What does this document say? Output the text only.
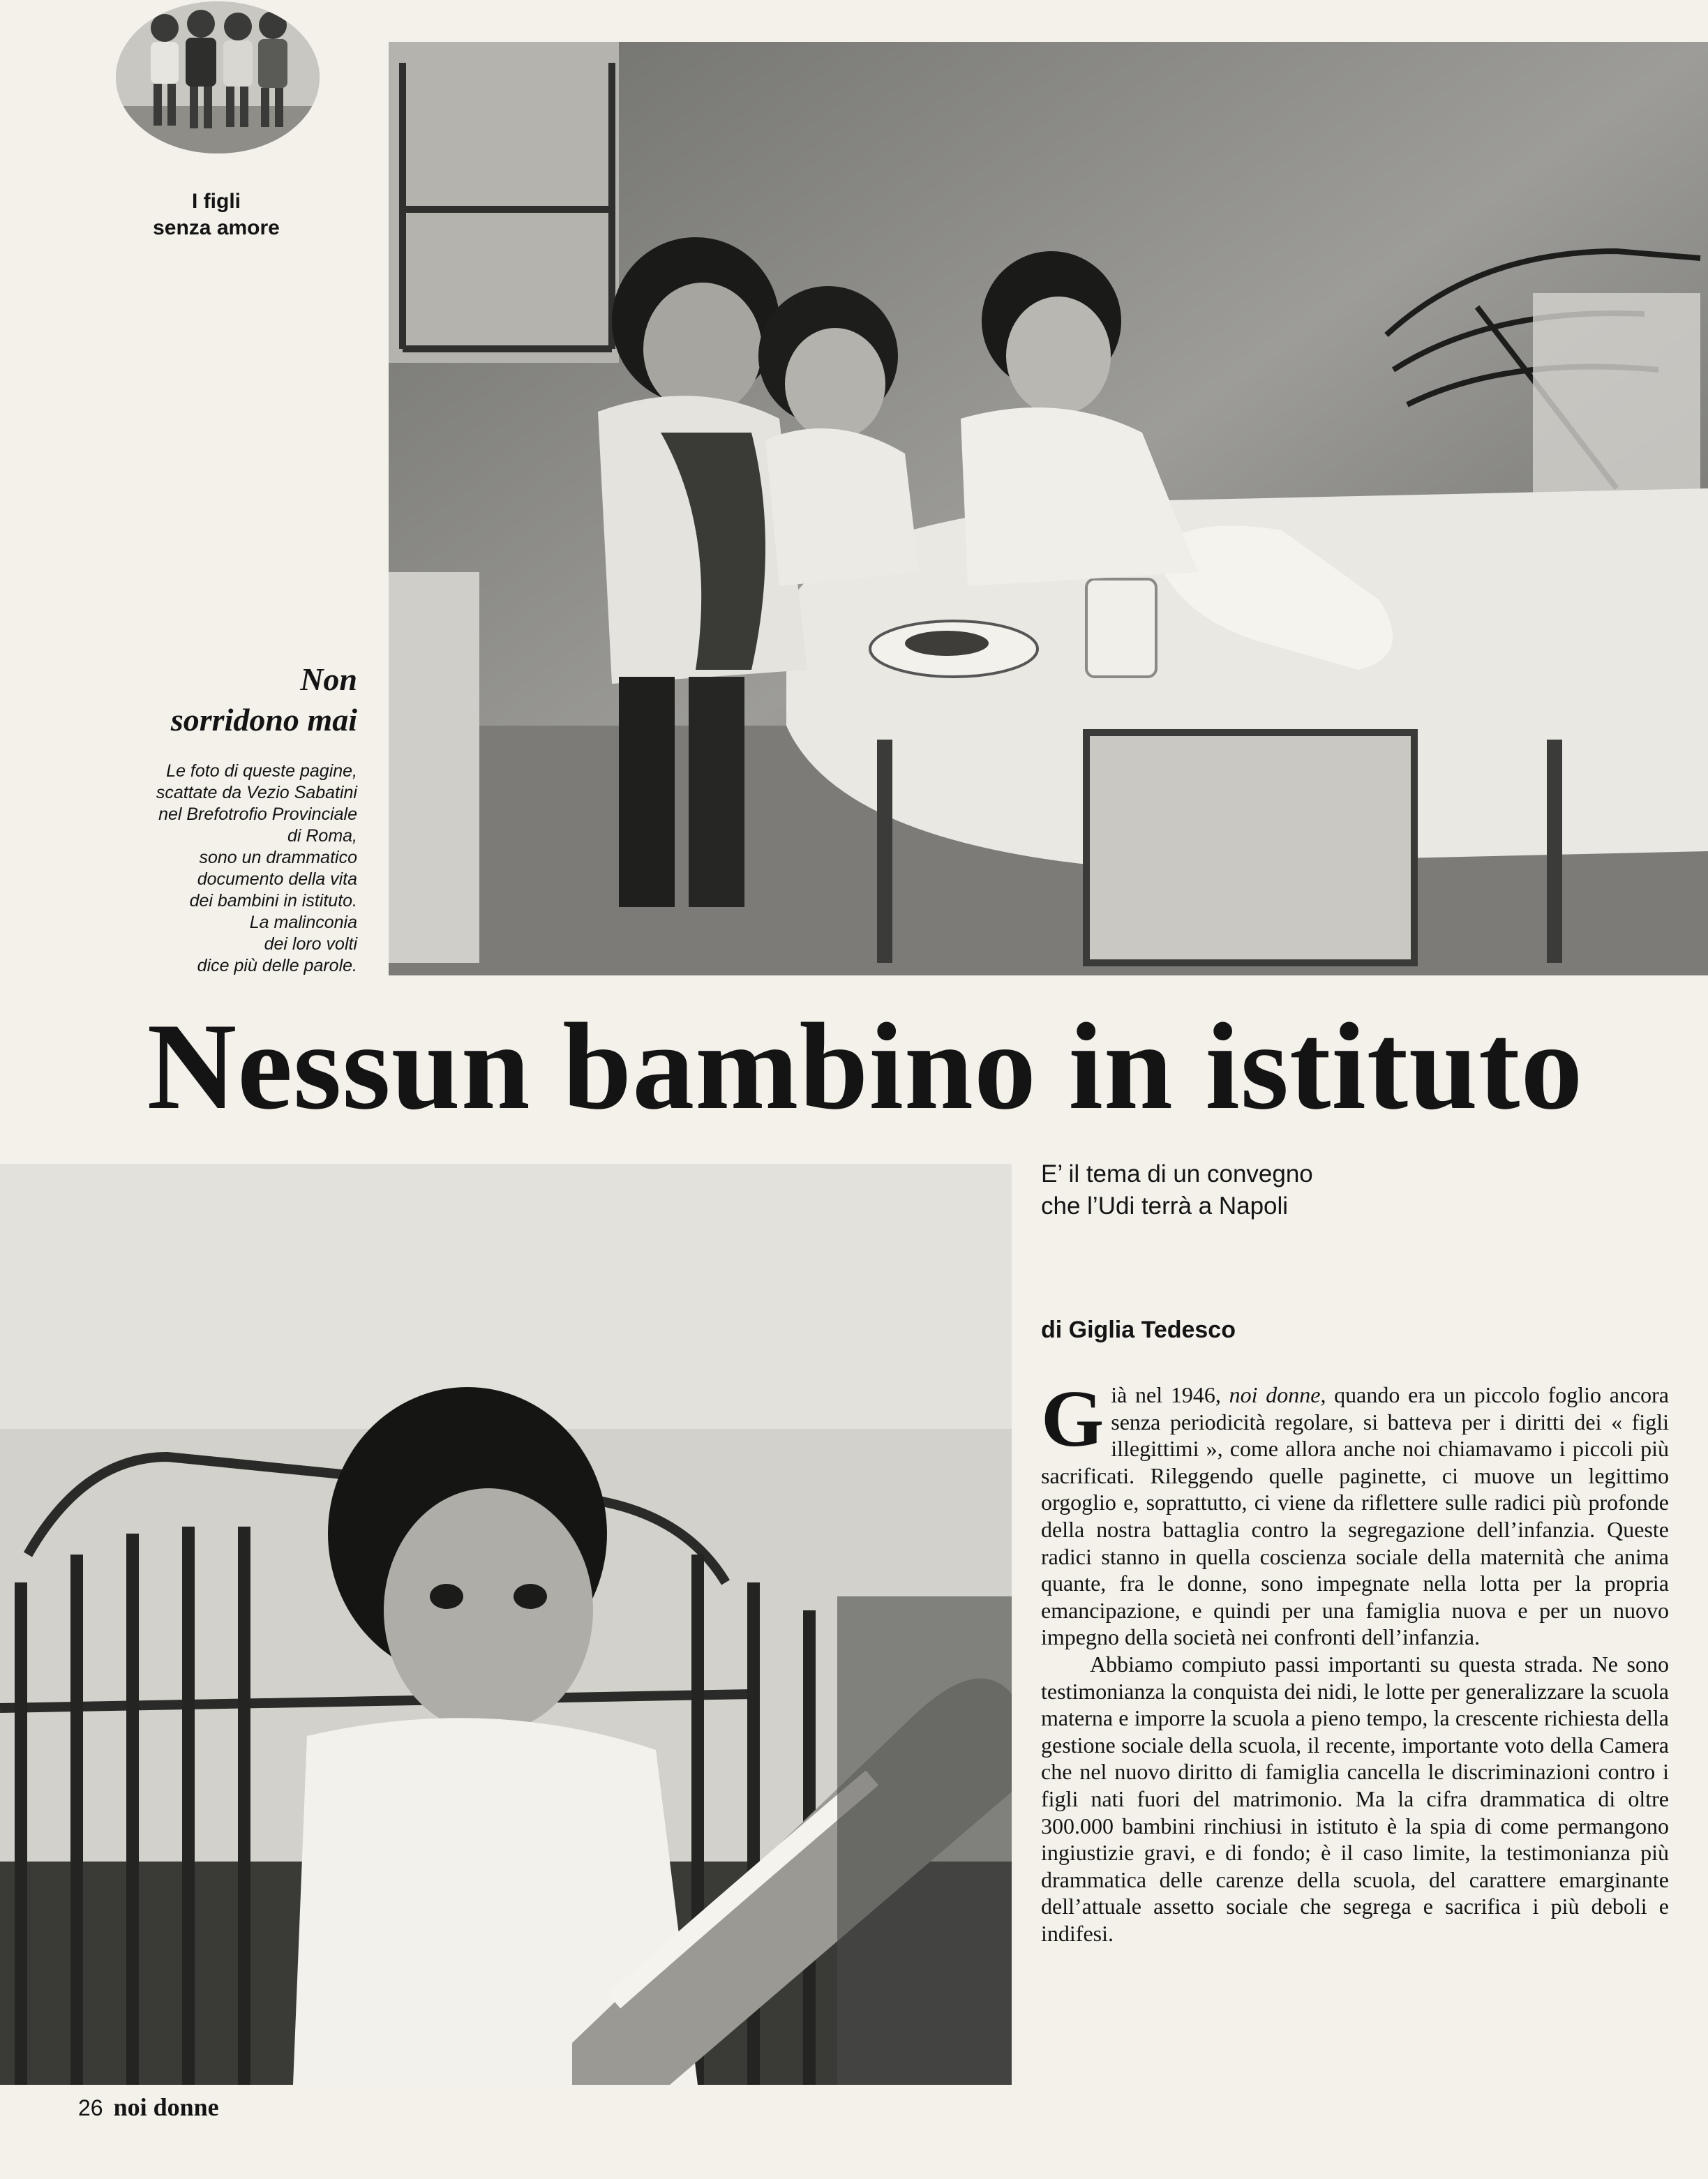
I figli
senza amore
Non
sorridono mai
Le foto di queste pagine,
scattate da Vezio Sabatini
nel Brefotrofio Provinciale
di Roma,
sono un drammatico
documento della vita
dei bambini in istituto.
La malinconia
dei loro volti
dice più delle parole.
Nessun bambino in istituto
E’ il tema di un convegno
che l’Udi terrà a Napoli
di Giglia Tedesco

Già nel 1946, noi donne, quando era un piccolo foglio ancora senza periodicità regolare, si batteva per i diritti dei « figli illegittimi », come allora anche noi chiamavamo i piccoli più sacrificati. Rileggendo quelle paginette, ci muove un legittimo orgoglio e, soprattutto, ci viene da riflettere sulle radici più profonde della nostra battaglia contro la segregazione dell’infanzia. Queste radici stanno in quella coscienza sociale della maternità che anima quante, fra le donne, sono impegnate nella lotta per la propria emancipazione, e quindi per una famiglia nuova e per un nuovo impegno della società nei confronti dell’infanzia.

Abbiamo compiuto passi importanti su questa strada. Ne sono testimonianza la conquista dei nidi, le lotte per generalizzare la scuola materna e imporre la scuola a pieno tempo, la crescente richiesta della gestione sociale della scuola, il recente, importante voto della Camera che nel nuovo diritto di famiglia cancella le discriminazioni contro i figli nati fuori del matrimonio. Ma la cifra drammatica di oltre 300.000 bambini rinchiusi in istituto è la spia di come permangono ingiustizie gravi, e di fondo; è il caso limite, la testimonianza più drammatica delle carenze della scuola, del carattere emarginante dell’attuale assetto sociale che segrega e sacrifica i più deboli e indifesi.

26 noi donne
